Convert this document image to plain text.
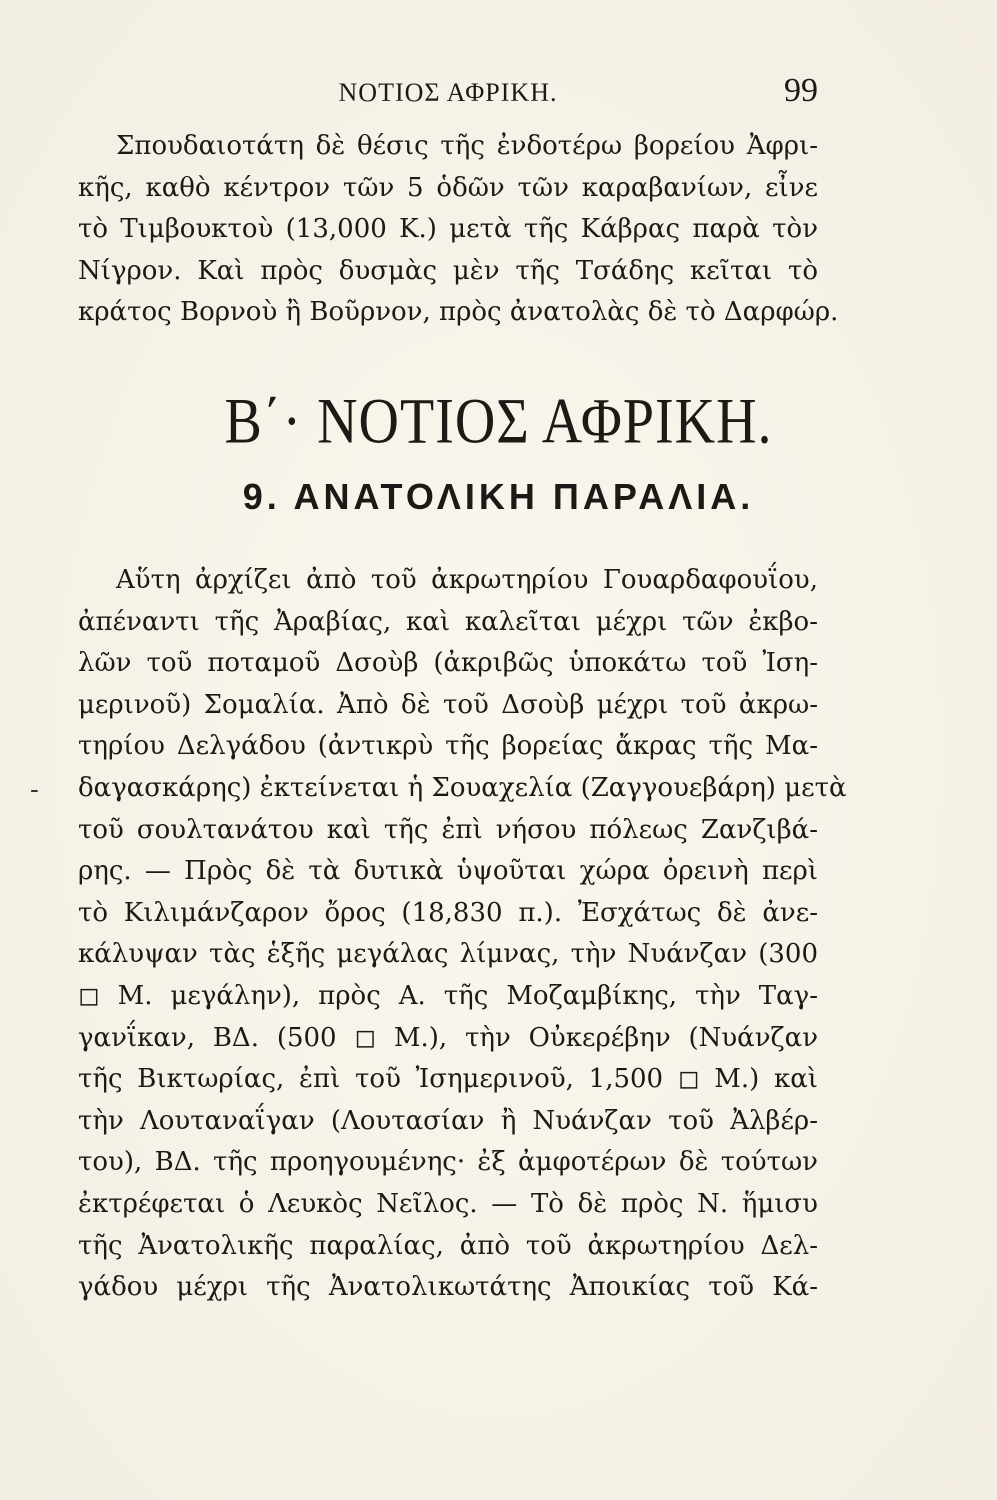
ΝΟΤΙΟΣ ΑΦΡΙΚΗ.	99
Σπουδαιοτάτη δὲ θέσις τῆς ἐνδοτέρω βορείου Ἀφρι-
κῆς, καθὸ κέντρον τῶν 5 ὁδῶν τῶν καραβανίων, εἶνε
τὸ Τιμβουκτοὺ (13,000 Κ.) μετὰ τῆς Κάβρας παρὰ τὸν
Νίγρον. Καὶ πρὸς δυσμὰς μὲν τῆς Τσάδης κεῖται τὸ
κράτος Βορνοὺ ἢ Βοῦρνον, πρὸς ἀνατολὰς δὲ τὸ Δαρφώρ.
Β΄· ΝΟΤΙΟΣ ΑΦΡΙΚΗ.
9. ΑΝΑΤΟΛΙΚΗ ΠΑΡΑΛΙΑ.
-
Αὕτη ἀρχίζει ἀπὸ τοῦ ἀκρωτηρίου Γουαρδαφουΐου,
ἀπέναντι τῆς Ἀραβίας, καὶ καλεῖται μέχρι τῶν ἐκβο-
λῶν τοῦ ποταμοῦ Δσοὺβ (ἀκριβῶς ὑποκάτω τοῦ Ἰση-
μερινοῦ) Σομαλία. Ἀπὸ δὲ τοῦ Δσοὺβ μέχρι τοῦ ἀκρω-
τηρίου Δελγάδου (ἀντικρὺ τῆς βορείας ἄκρας τῆς Μα-
δαγασκάρης) ἐκτείνεται ἡ Σουαχελία (Ζαγγουεβάρη) μετὰ
τοῦ σουλτανάτου καὶ τῆς ἐπὶ νήσου πόλεως Ζανζιβά-
ρης. — Πρὸς δὲ τὰ δυτικὰ ὑψοῦται χώρα ὀρεινὴ περὶ
τὸ Κιλιμάνζαρον ὄρος (18,830 π.). Ἐσχάτως δὲ ἀνε-
κάλυψαν τὰς ἑξῆς μεγάλας λίμνας, τὴν Νυάνζαν (300
◻ Μ. μεγάλην), πρὸς Α. τῆς Μοζαμβίκης, τὴν Ταγ-
γανΐκαν, ΒΔ. (500 ◻ Μ.), τὴν Οὐκερέβην (Νυάνζαν
τῆς Βικτωρίας, ἐπὶ τοῦ Ἰσημερινοῦ, 1,500 ◻ Μ.) καὶ
τὴν Λουταναΐγαν (Λουτασίαν ἢ Νυάνζαν τοῦ Ἀλβέρ-
του), ΒΔ. τῆς προηγουμένης· ἐξ ἀμφοτέρων δὲ τούτων
ἐκτρέφεται ὁ Λευκὸς Νεῖλος. — Τὸ δὲ πρὸς Ν. ἥμισυ
τῆς Ἀνατολικῆς παραλίας, ἀπὸ τοῦ ἀκρωτηρίου Δελ-
γάδου μέχρι τῆς Ἀνατολικωτάτης Ἀποικίας τοῦ Κά-
